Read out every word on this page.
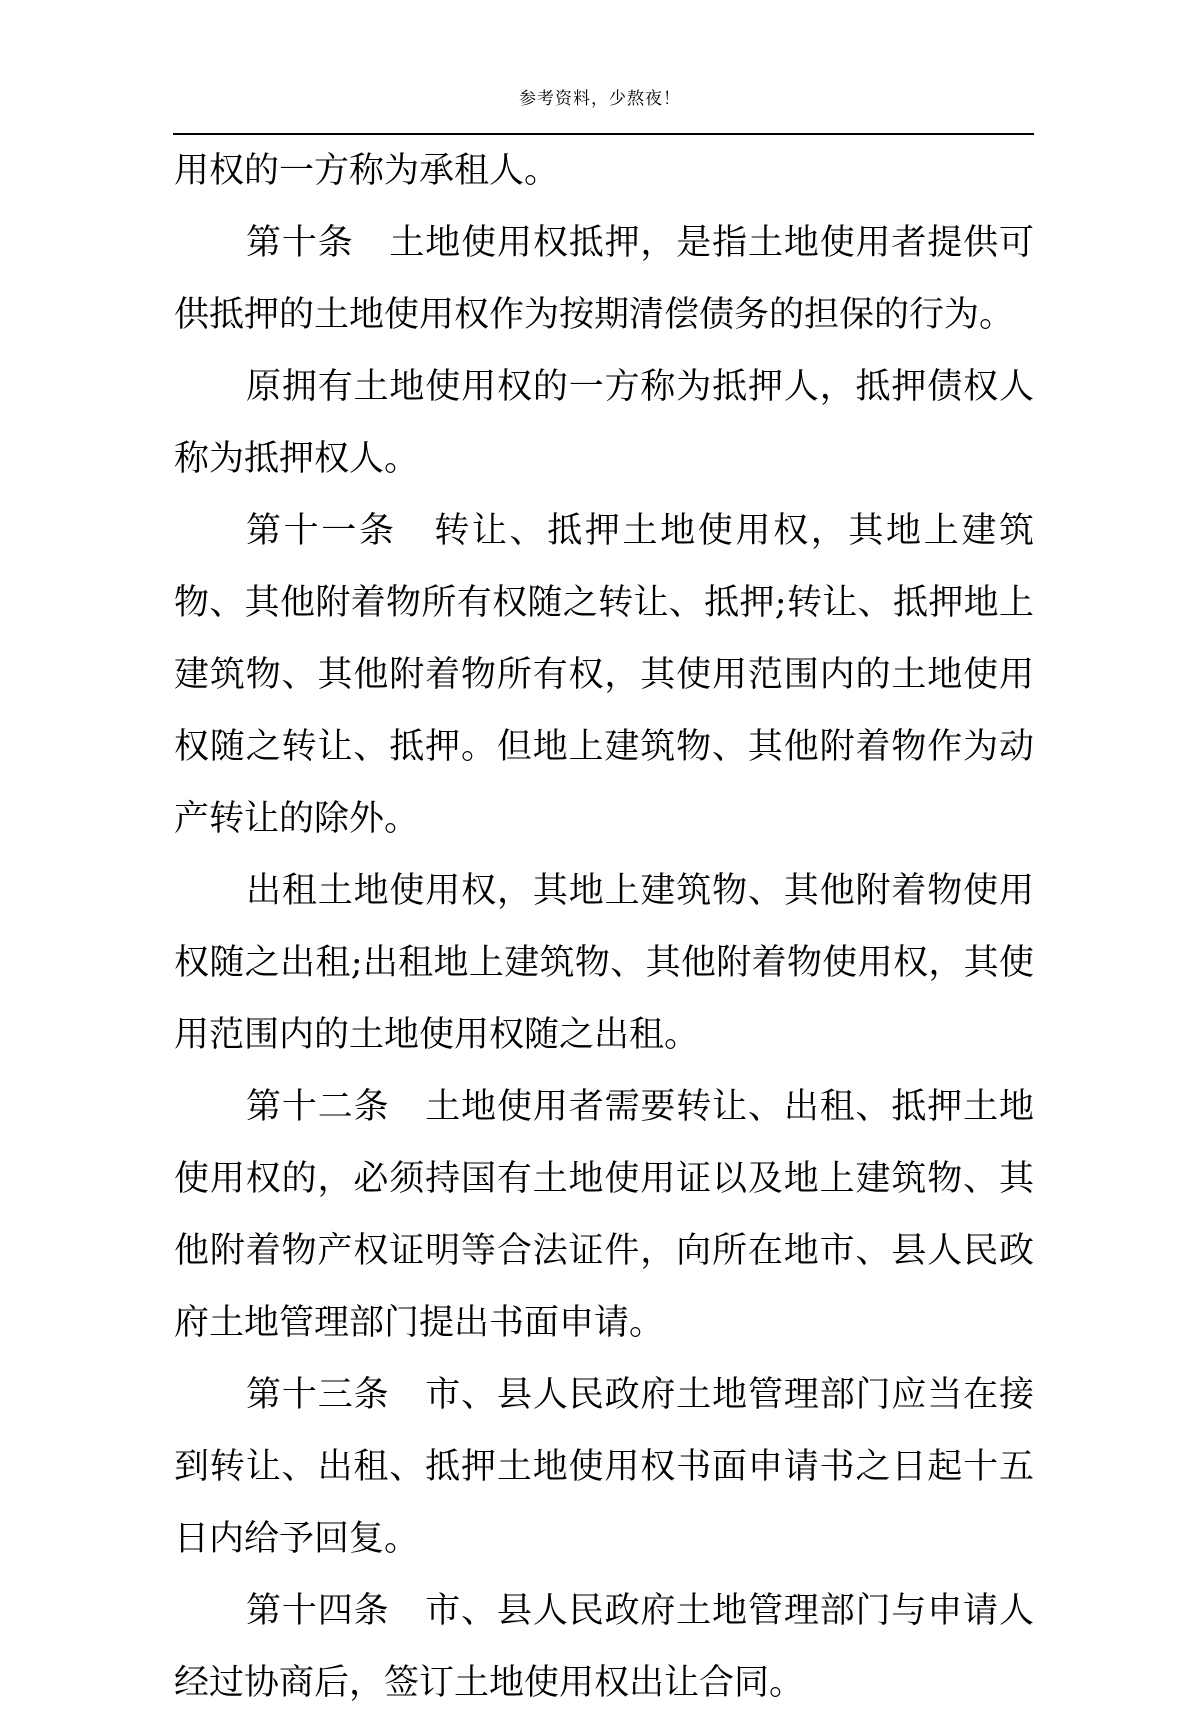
参考资料，少熬夜！

用权的一方称为承租人。

第十条　土地使用权抵押，是指土地使用者提供可供抵押的土地使用权作为按期清偿债务的担保的行为。

原拥有土地使用权的一方称为抵押人，抵押债权人称为抵押权人。

第十一条　转让、抵押土地使用权，其地上建筑物、其他附着物所有权随之转让、抵押;转让、抵押地上建筑物、其他附着物所有权，其使用范围内的土地使用权随之转让、抵押。但地上建筑物、其他附着物作为动产转让的除外。

出租土地使用权，其地上建筑物、其他附着物使用权随之出租;出租地上建筑物、其他附着物使用权，其使用范围内的土地使用权随之出租。

第十二条　土地使用者需要转让、出租、抵押土地使用权的，必须持国有土地使用证以及地上建筑物、其他附着物产权证明等合法证件，向所在地市、县人民政府土地管理部门提出书面申请。

第十三条　市、县人民政府土地管理部门应当在接到转让、出租、抵押土地使用权书面申请书之日起十五日内给予回复。

第十四条　市、县人民政府土地管理部门与申请人经过协商后，签订土地使用权出让合同。
